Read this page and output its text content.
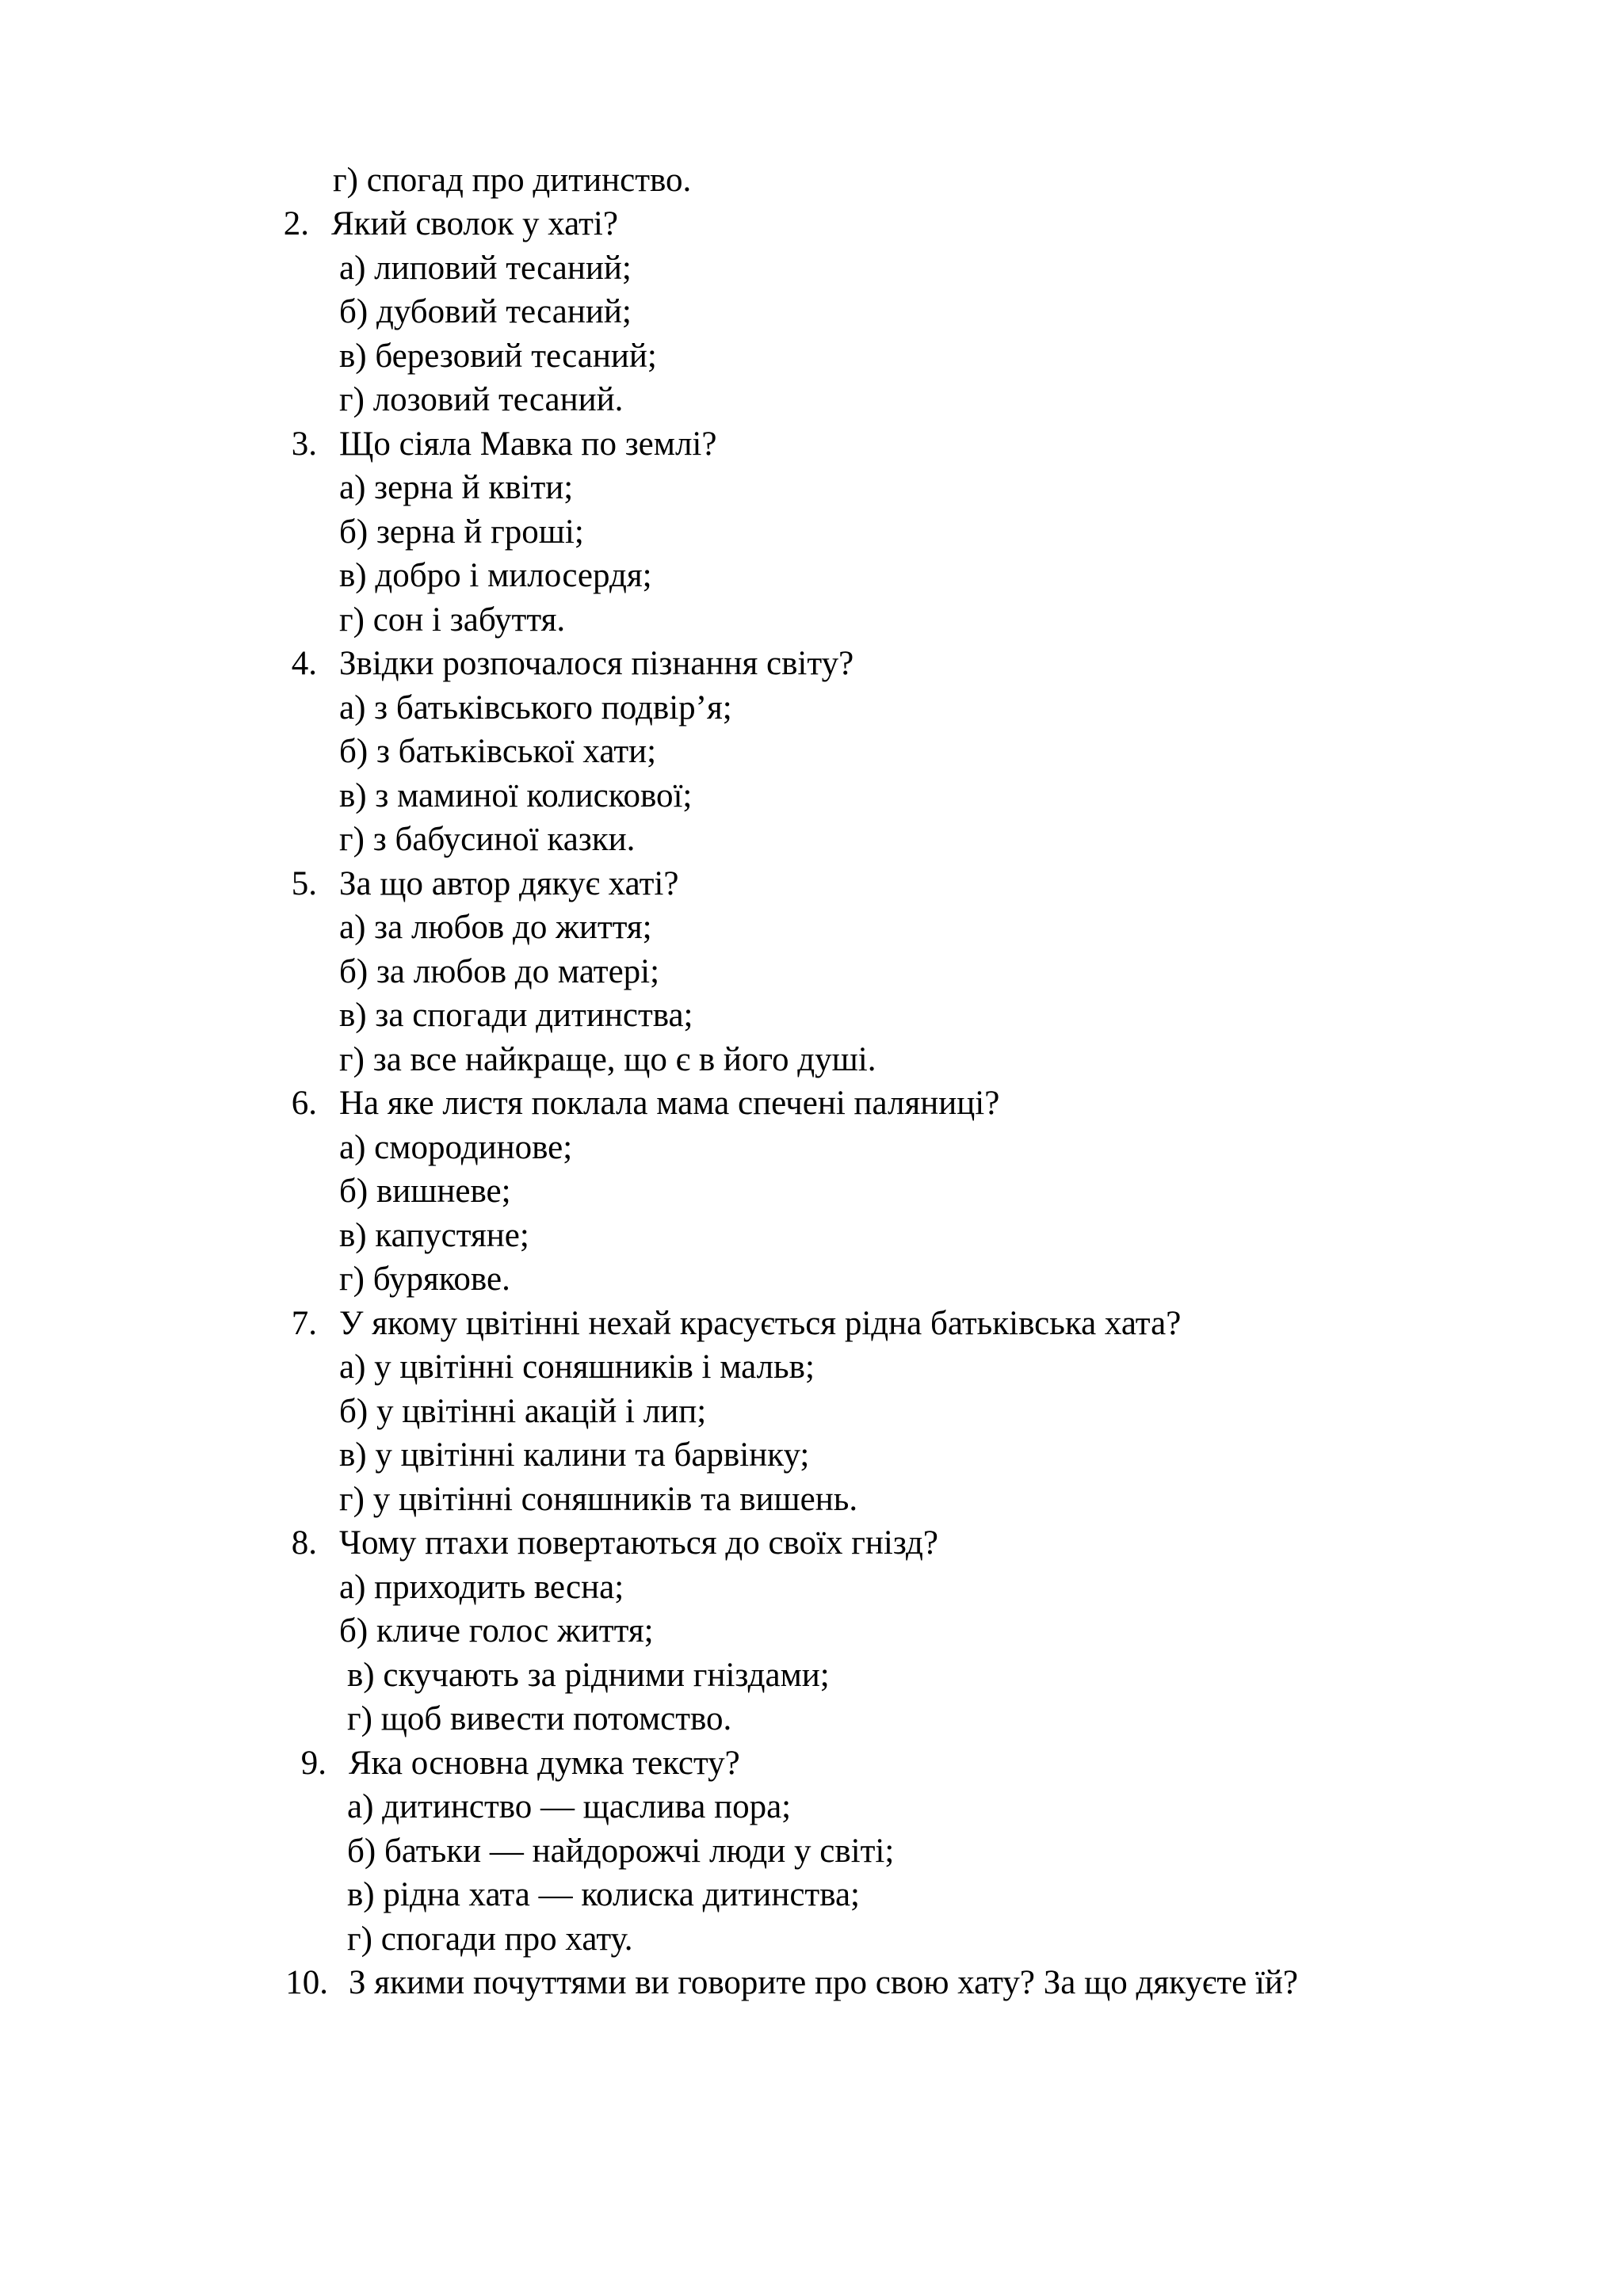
г) спогад про дитинство.
2. Який сволок у хаті?
а) липовий тесаний;
б) дубовий тесаний;
в) березовий тесаний;
г) лозовий тесаний.
3. Що сіяла Мавка по землі?
а) зерна й квіти;
б) зерна й гроші;
в) добро і милосердя;
г) сон і забуття.
4. Звідки розпочалося пізнання світу?
а) з батьківського подвір’я;
б) з батьківської хати;
в) з маминої колискової;
г) з бабусиної казки.
5. За що автор дякує хаті?
а) за любов до життя;
б) за любов до матері;
в) за спогади дитинства;
г) за все найкраще, що є в його душі.
6. На яке листя поклала мама спечені паляниці?
а) смородинове;
б) вишневе;
в) капустяне;
г) бурякове.
7. У якому цвітінні нехай красується рідна батьківська хата?
а) у цвітінні соняшників і мальв;
б) у цвітінні акацій і лип;
в) у цвітінні калини та барвінку;
г) у цвітінні соняшників та вишень.
8. Чому птахи повертаються до своїх гнізд?
а) приходить весна;
б) кличе голос життя;
в) скучають за рідними гніздами;
г) щоб вивести потомство.
9. Яка основна думка тексту?
а) дитинство — щаслива пора;
б) батьки — найдорожчі люди у світі;
в) рідна хата — колиска дитинства;
г) спогади про хату.
10. З якими почуттями ви говорите про свою хату? За що дякуєте їй?
